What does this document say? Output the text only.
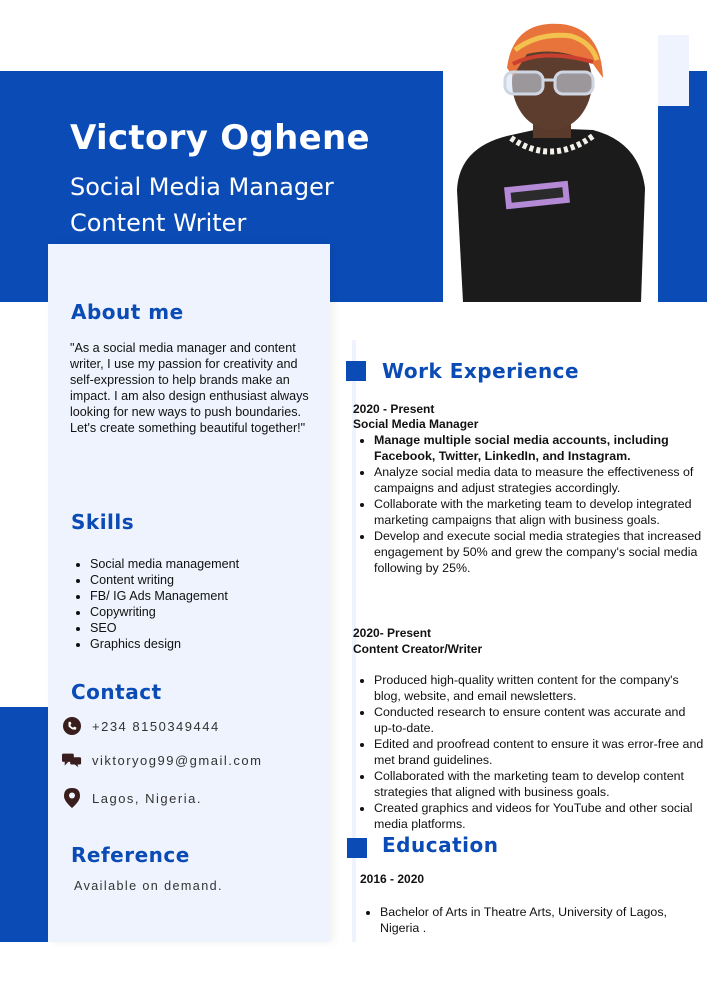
Victory Oghene
Social Media Manager
Content Writer
About me

"As a social media manager and content writer, I use my passion for creativity and self-expression to help brands make an impact. I am also design enthusiast always looking for new ways to push boundaries. Let's create something beautiful together!"

Skills
• Social media management
• Content writing
• FB/ IG Ads Management
• Copywriting
• SEO
• Graphics design
Contact
+234 8150349444
viktoryog99@gmail.com
Lagos, Nigeria.
Reference
Available on demand.
Work Experience
2020 - Present
Social Media Manager
• Manage multiple social media accounts, including Facebook, Twitter, LinkedIn, and Instagram.
• Analyze social media data to measure the effectiveness of campaigns and adjust strategies accordingly.
• Collaborate with the marketing team to develop integrated marketing campaigns that align with business goals.
• Develop and execute social media strategies that increased engagement by 50% and grew the company's social media following by 25%.
2020- Present
Content Creator/Writer
• Produced high-quality written content for the company's blog, website, and email newsletters.
• Conducted research to ensure content was accurate and up-to-date.
• Edited and proofread content to ensure it was error-free and met brand guidelines.
• Collaborated with the marketing team to develop content strategies that aligned with business goals.
• Created graphics and videos for YouTube and other social media platforms.
Education
2016 - 2020
• Bachelor of Arts in Theatre Arts, University of Lagos, Nigeria .
